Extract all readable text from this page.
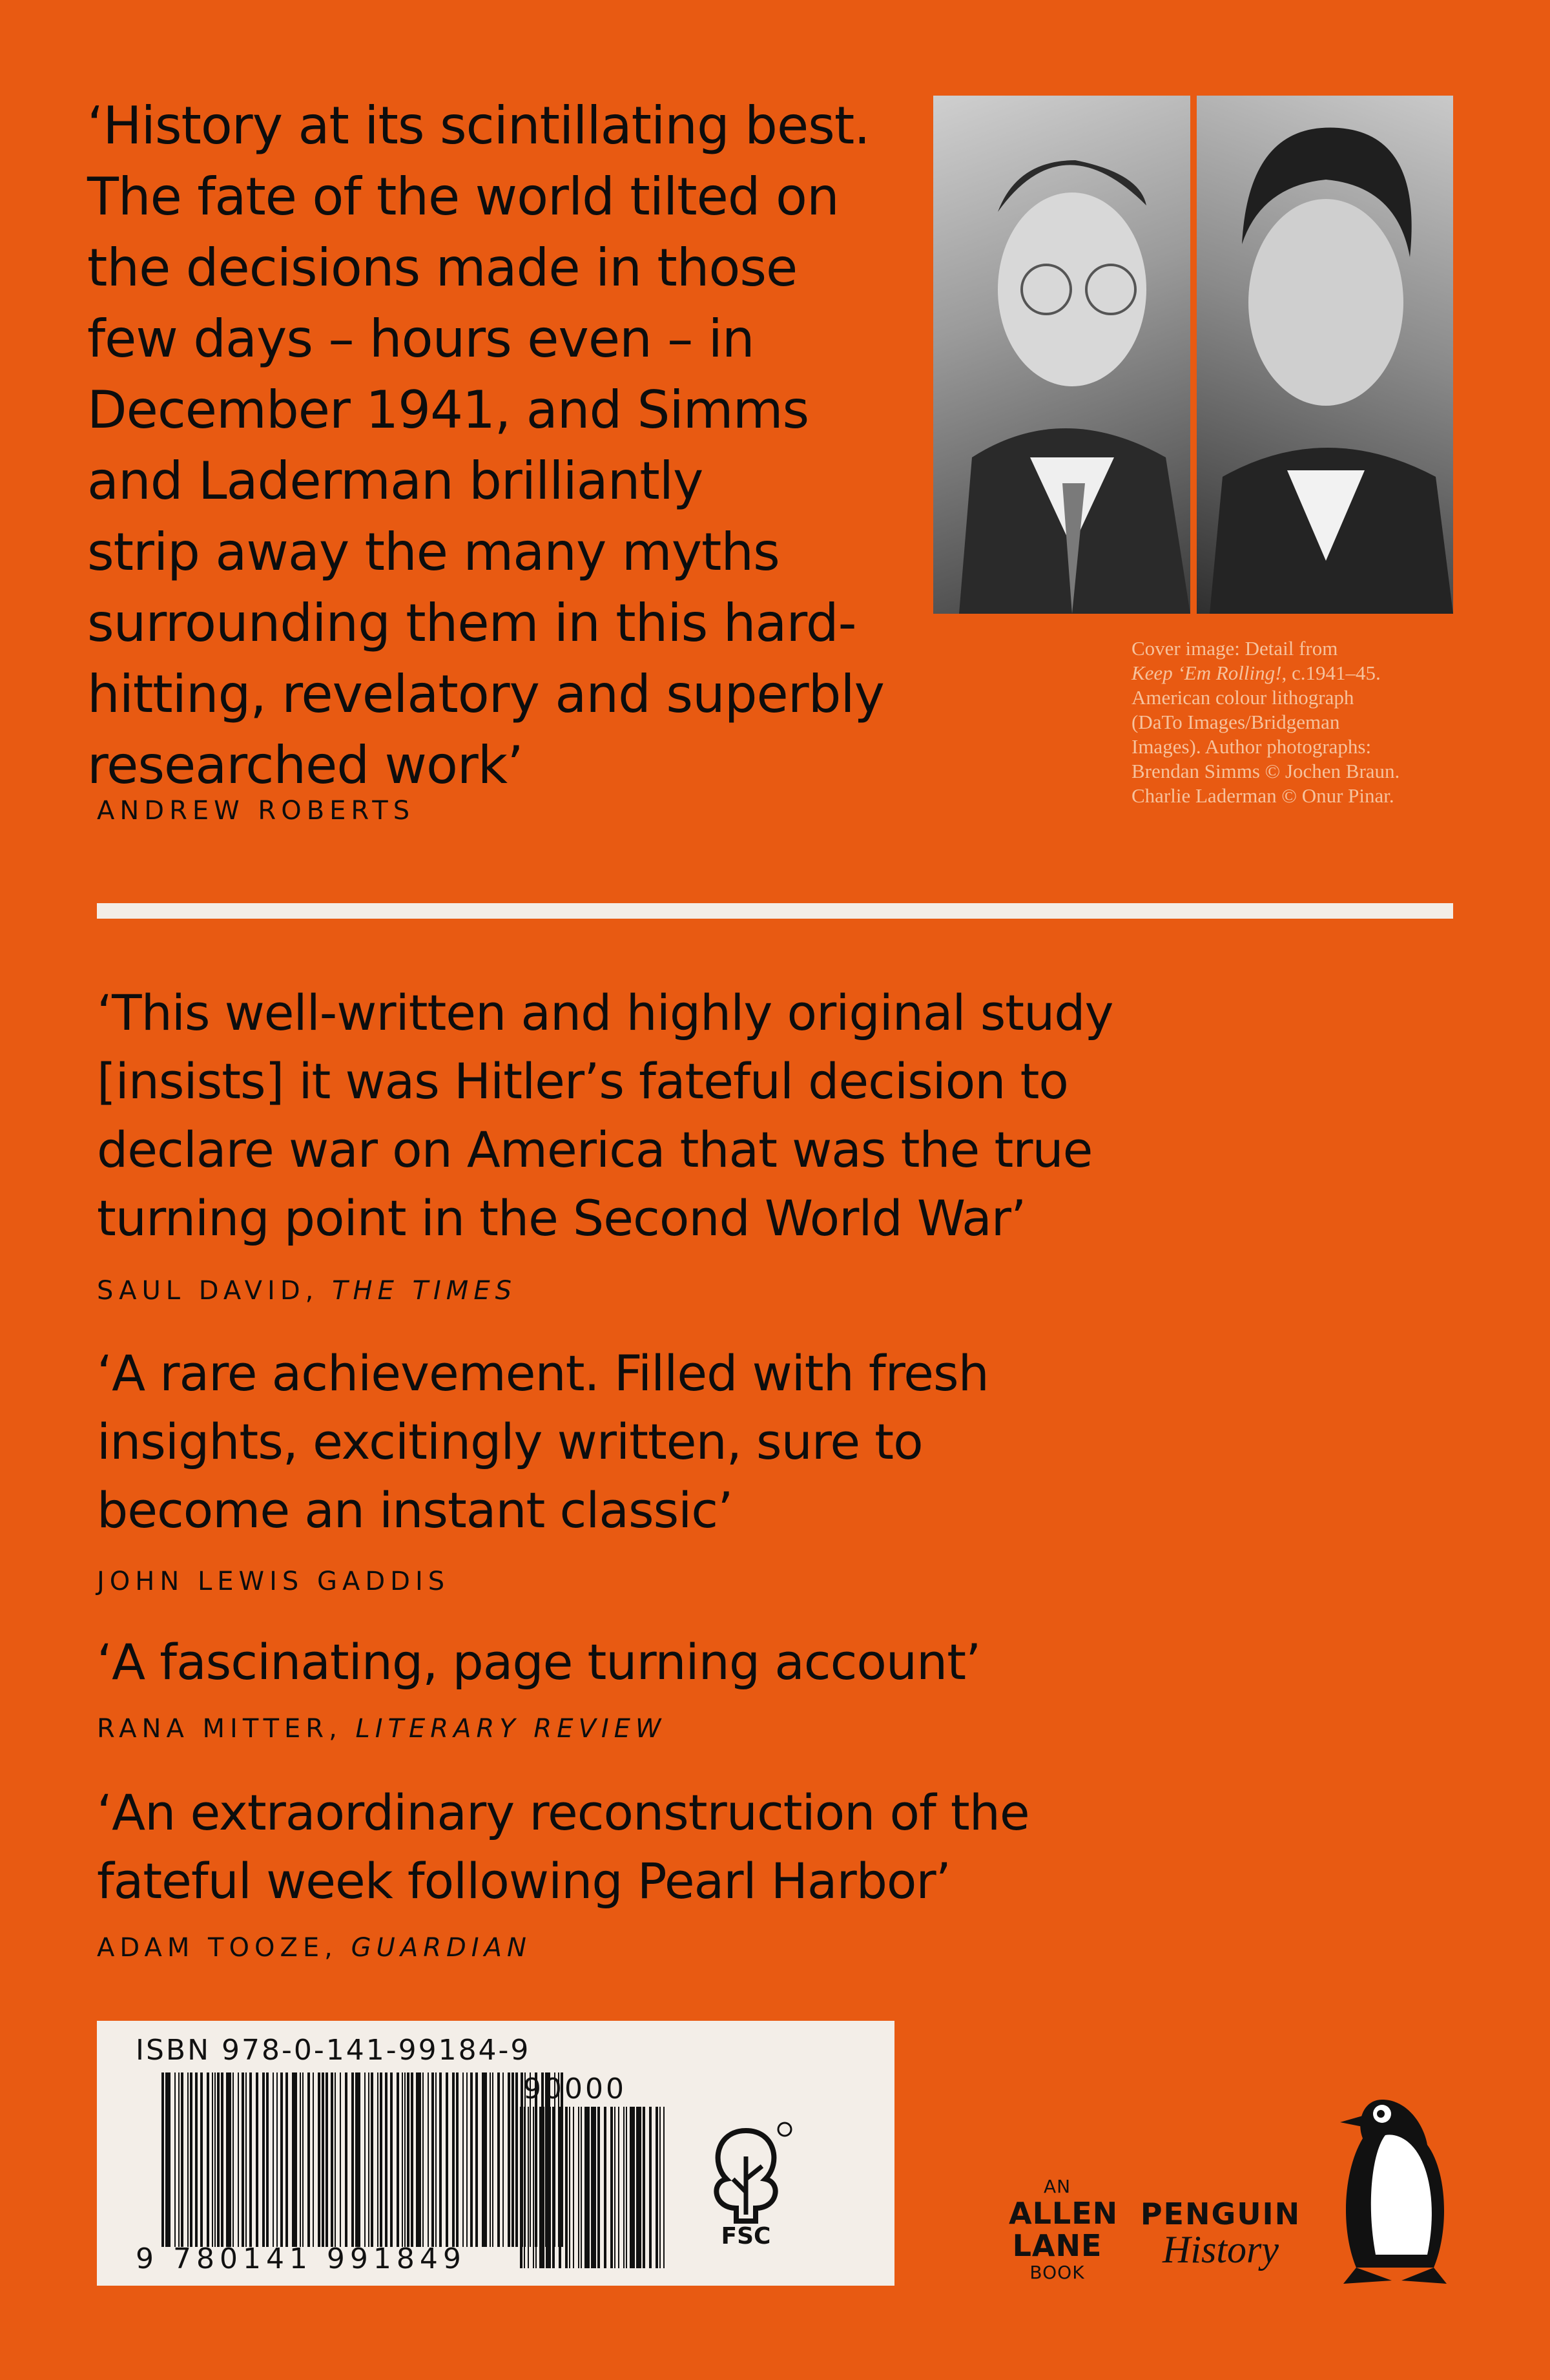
‘History at its scintillating best.
The fate of the world tilted on
the decisions made in those
few days – hours even – in
December 1941, and Simms
and Laderman brilliantly
strip away the many myths
surrounding them in this hard-
hitting, revelatory and superbly
researched work’

ANDREW ROBERTS

Cover image: Detail from
Keep ‘Em Rolling!, c.1941–45.
American colour lithograph
(DaTo Images/Bridgeman
Images). Author photographs:
Brendan Simms © Jochen Braun.
Charlie Laderman © Onur Pinar.

‘This well-written and highly original study
[insists] it was Hitler’s fateful decision to
declare war on America that was the true
turning point in the Second World War’

SAUL DAVID, THE TIMES

‘A rare achievement. Filled with fresh
insights, excitingly written, sure to
become an instant classic’

JOHN LEWIS GADDIS

‘A fascinating, page turning account’

RANA MITTER, LITERARY REVIEW

‘An extraordinary reconstruction of the
fateful week following Pearl Harbor’

ADAM TOOZE, GUARDIAN

ISBN 978-0-141-99184-9
9 780141 991849
90000
FSC
AN
ALLEN
LANE
BOOK
PENGUIN
History
